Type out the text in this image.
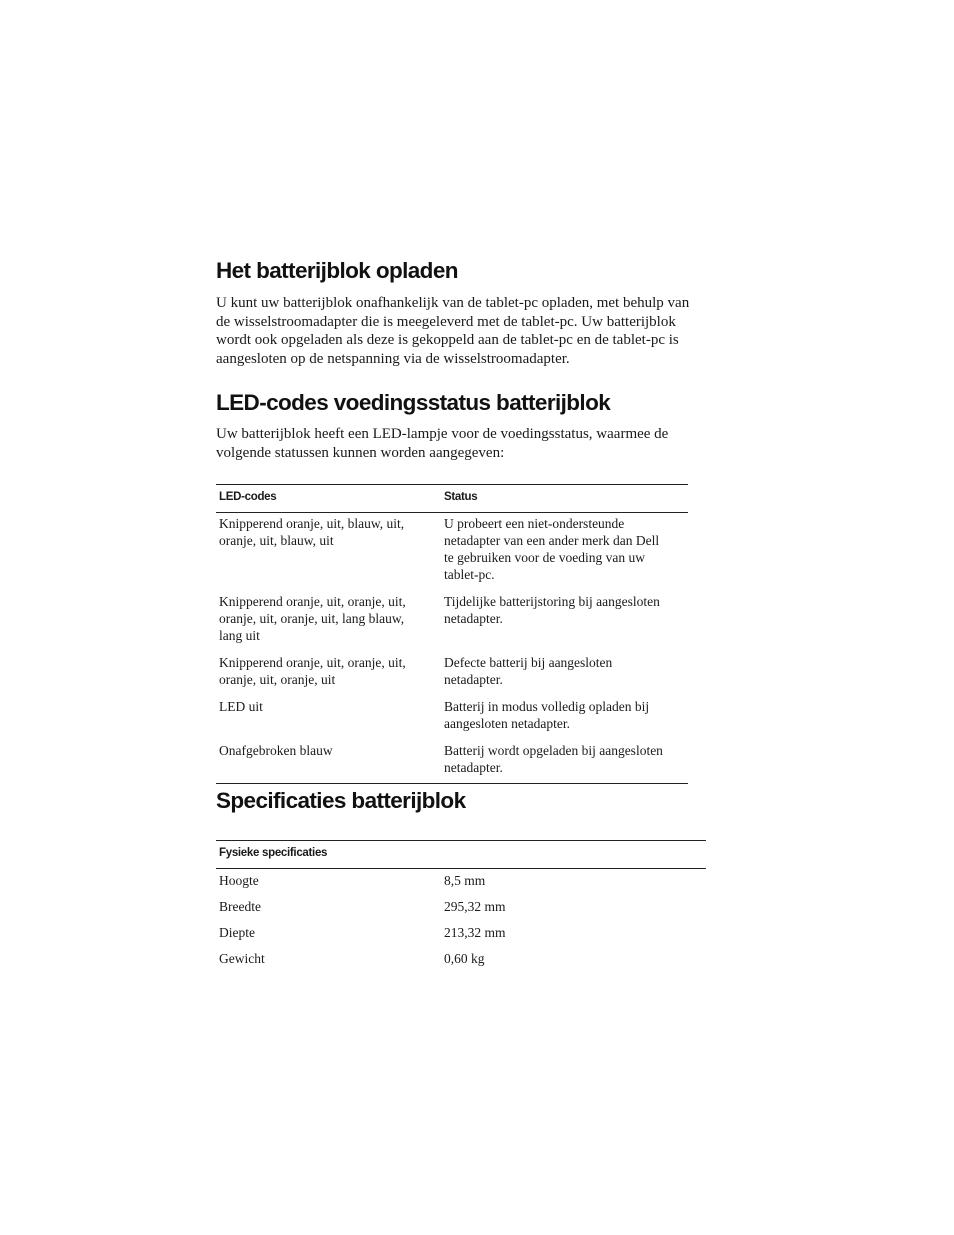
Het batterijblok opladen

U kunt uw batterijblok onafhankelijk van de tablet-pc opladen, met behulp van
de wisselstroomadapter die is meegeleverd met de tablet-pc. Uw batterijblok
wordt ook opgeladen als deze is gekoppeld aan de tablet-pc en de tablet-pc is
aangesloten op de netspanning via de wisselstroomadapter.

LED-codes voedingsstatus batterijblok

Uw batterijblok heeft een LED-lampje voor de voedingsstatus, waarmee de
volgende statussen kunnen worden aangegeven:

LED-codes	Status
Knipperend oranje, uit, blauw, uit,
oranje, uit, blauw, uit	U probeert een niet-ondersteunde
netadapter van een ander merk dan Dell
te gebruiken voor de voeding van uw
tablet-pc.
Knipperend oranje, uit, oranje, uit,
oranje, uit, oranje, uit, lang blauw,
lang uit	Tijdelijke batterijstoring bij aangesloten
netadapter.
Knipperend oranje, uit, oranje, uit,
oranje, uit, oranje, uit	Defecte batterij bij aangesloten
netadapter.
LED uit	Batterij in modus volledig opladen bij
aangesloten netadapter.
Onafgebroken blauw	Batterij wordt opgeladen bij aangesloten
netadapter.
Specificaties batterijblok
Fysieke specificaties	
Hoogte	8,5 mm
Breedte	295,32 mm
Diepte	213,32 mm
Gewicht	0,60 kg
